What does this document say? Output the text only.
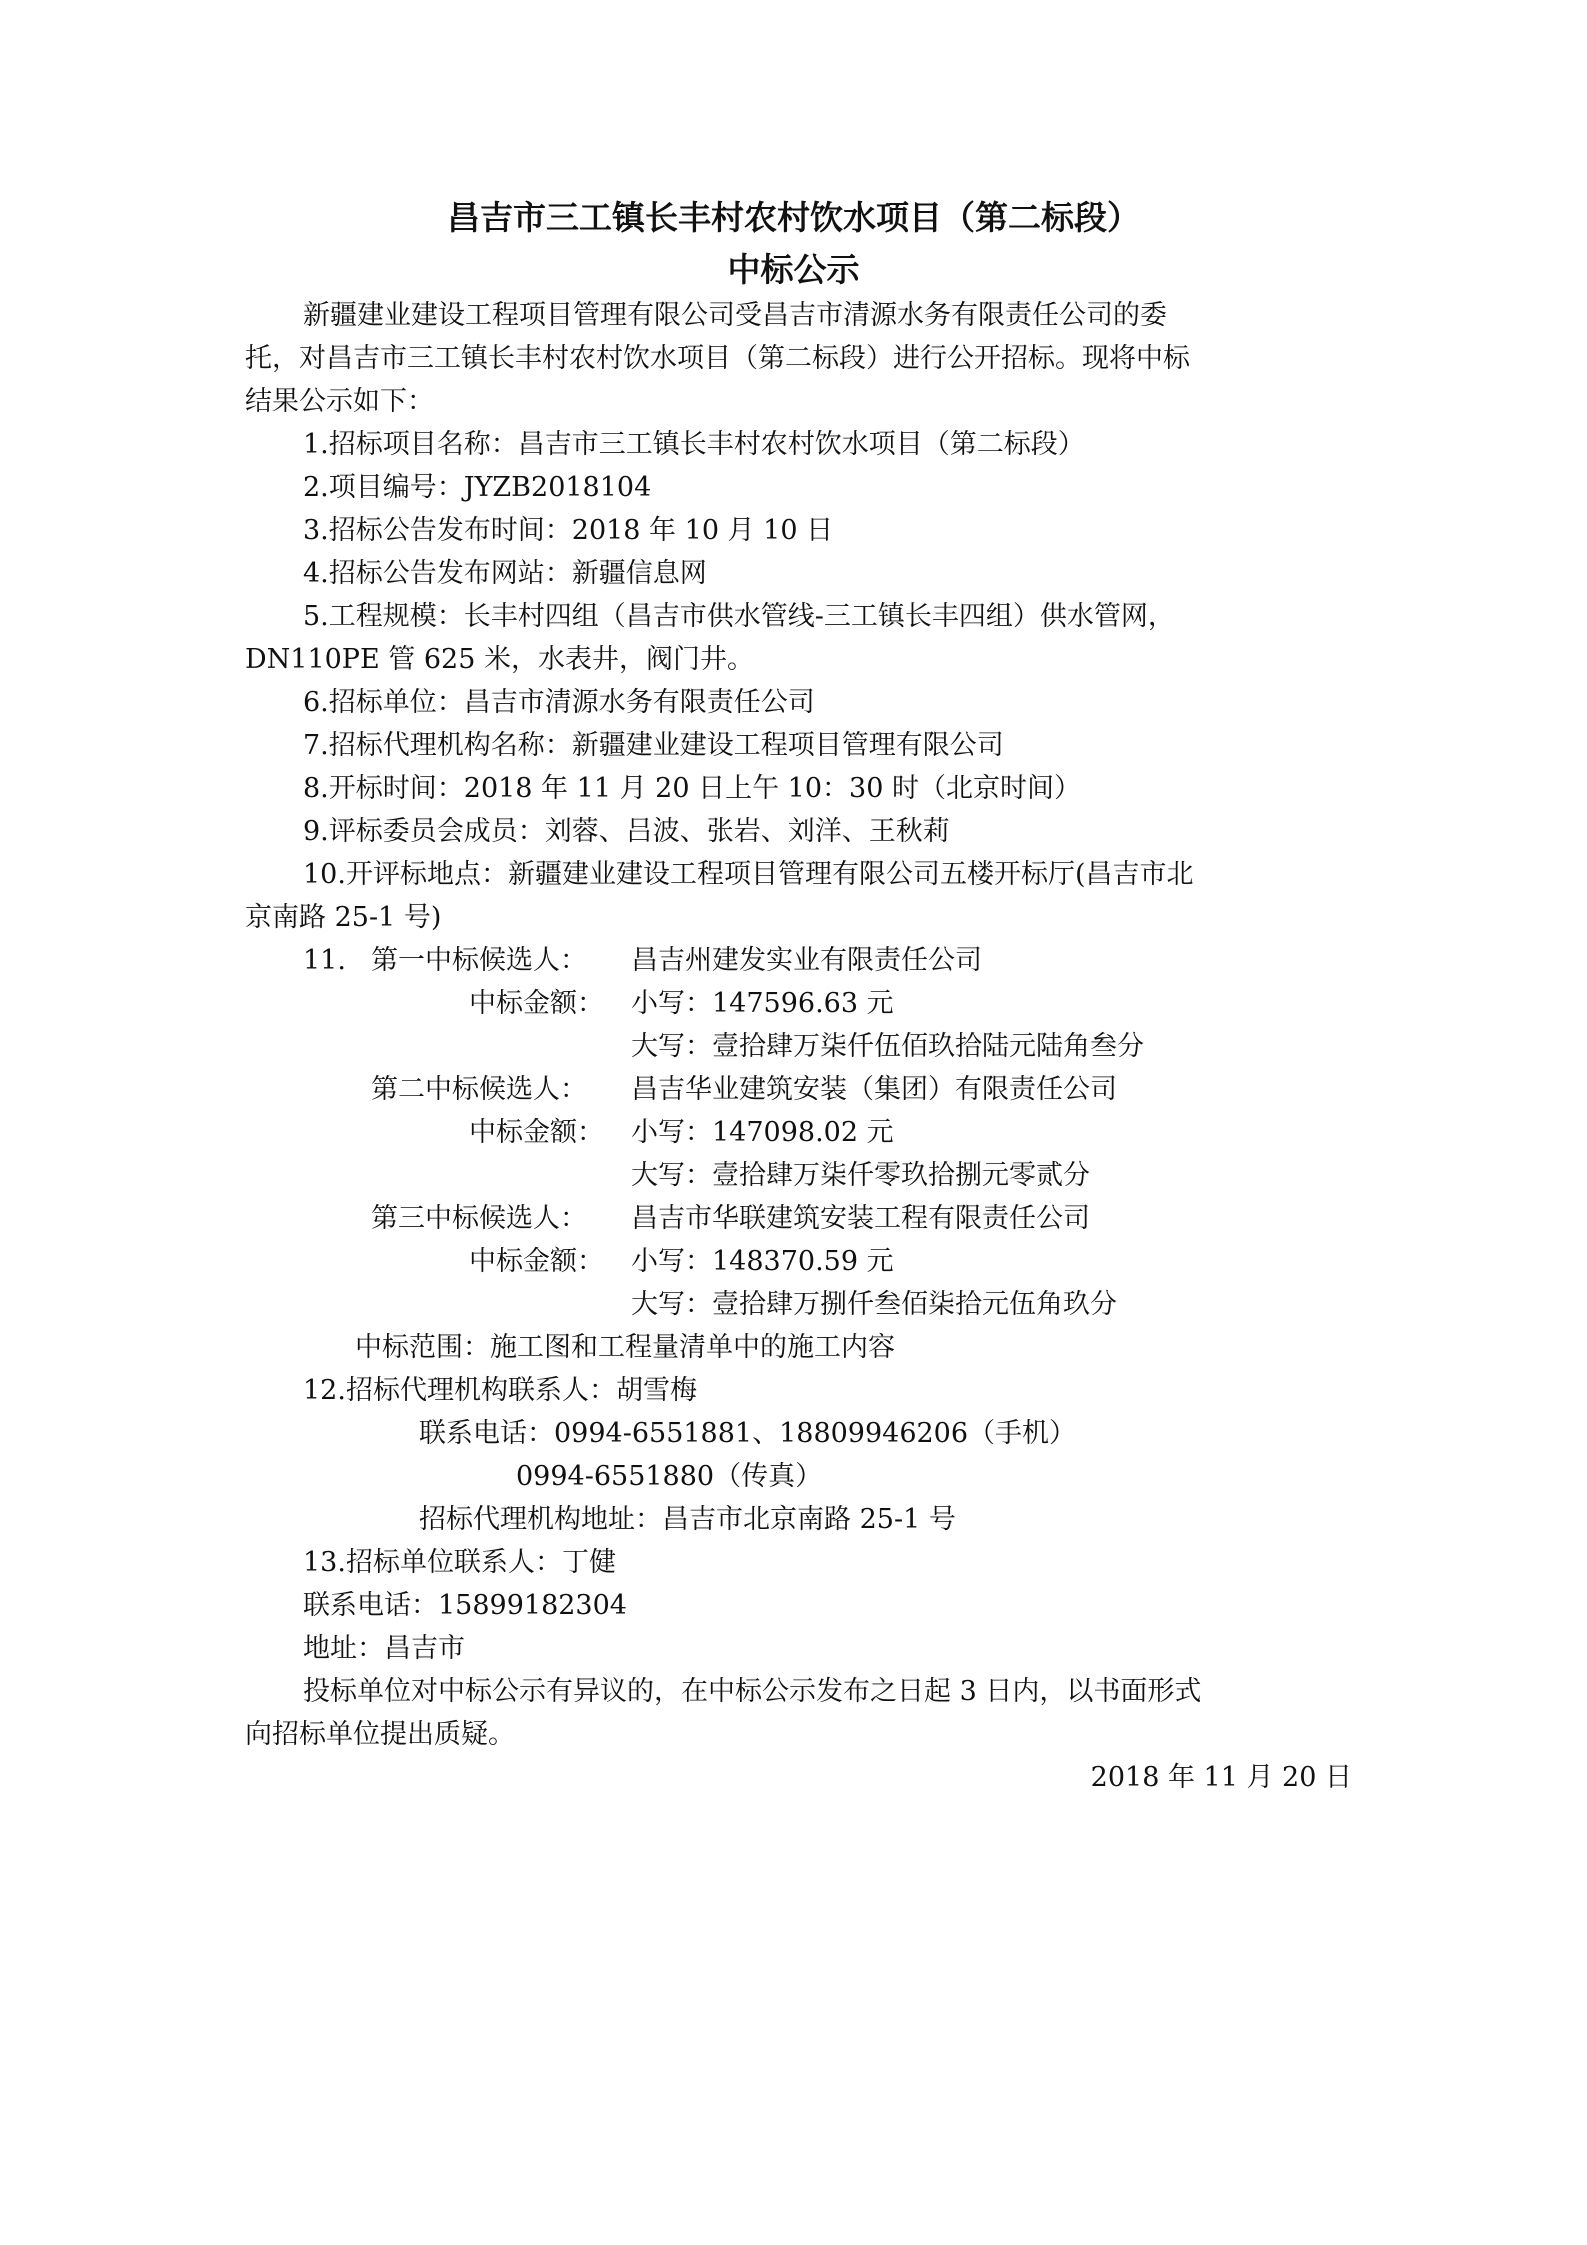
昌吉市三工镇长丰村农村饮水项目（第二标段）
中标公示
新疆建业建设工程项目管理有限公司受昌吉市清源水务有限责任公司的委
托，对昌吉市三工镇长丰村农村饮水项目（第二标段）进行公开招标。现将中标
结果公示如下：
1.招标项目名称：昌吉市三工镇长丰村农村饮水项目（第二标段）
2.项目编号：JYZB2018104
3.招标公告发布时间：2018 年 10 月 10 日
4.招标公告发布网站：新疆信息网
5.工程规模：长丰村四组（昌吉市供水管线-三工镇长丰四组）供水管网，
DN110PE 管 625 米，水表井，阀门井。
6.招标单位：昌吉市清源水务有限责任公司
7.招标代理机构名称：新疆建业建设工程项目管理有限公司
8.开标时间：2018 年 11 月 20 日上午 10：30 时（北京时间）
9.评标委员会成员：刘蓉、吕波、张岩、刘洋、王秋莉
10.开评标地点：新疆建业建设工程项目管理有限公司五楼开标厅(昌吉市北
京南路 25-1 号)
11. 第一中标候选人： 昌吉州建发实业有限责任公司
中标金额： 小写：147596.63 元
大写：壹拾肆万柒仟伍佰玖拾陆元陆角叁分
第二中标候选人： 昌吉华业建筑安装（集团）有限责任公司
中标金额： 小写：147098.02 元
大写：壹拾肆万柒仟零玖拾捌元零贰分
第三中标候选人： 昌吉市华联建筑安装工程有限责任公司
中标金额： 小写：148370.59 元
大写：壹拾肆万捌仟叁佰柒拾元伍角玖分
中标范围：施工图和工程量清单中的施工内容
12.招标代理机构联系人：胡雪梅
联系电话：0994-6551881、18809946206（手机）
0994-6551880（传真）
招标代理机构地址：昌吉市北京南路 25-1 号
13.招标单位联系人：丁健
联系电话：15899182304
地址：昌吉市
投标单位对中标公示有异议的，在中标公示发布之日起 3 日内，以书面形式
向招标单位提出质疑。
2018 年 11 月 20 日
